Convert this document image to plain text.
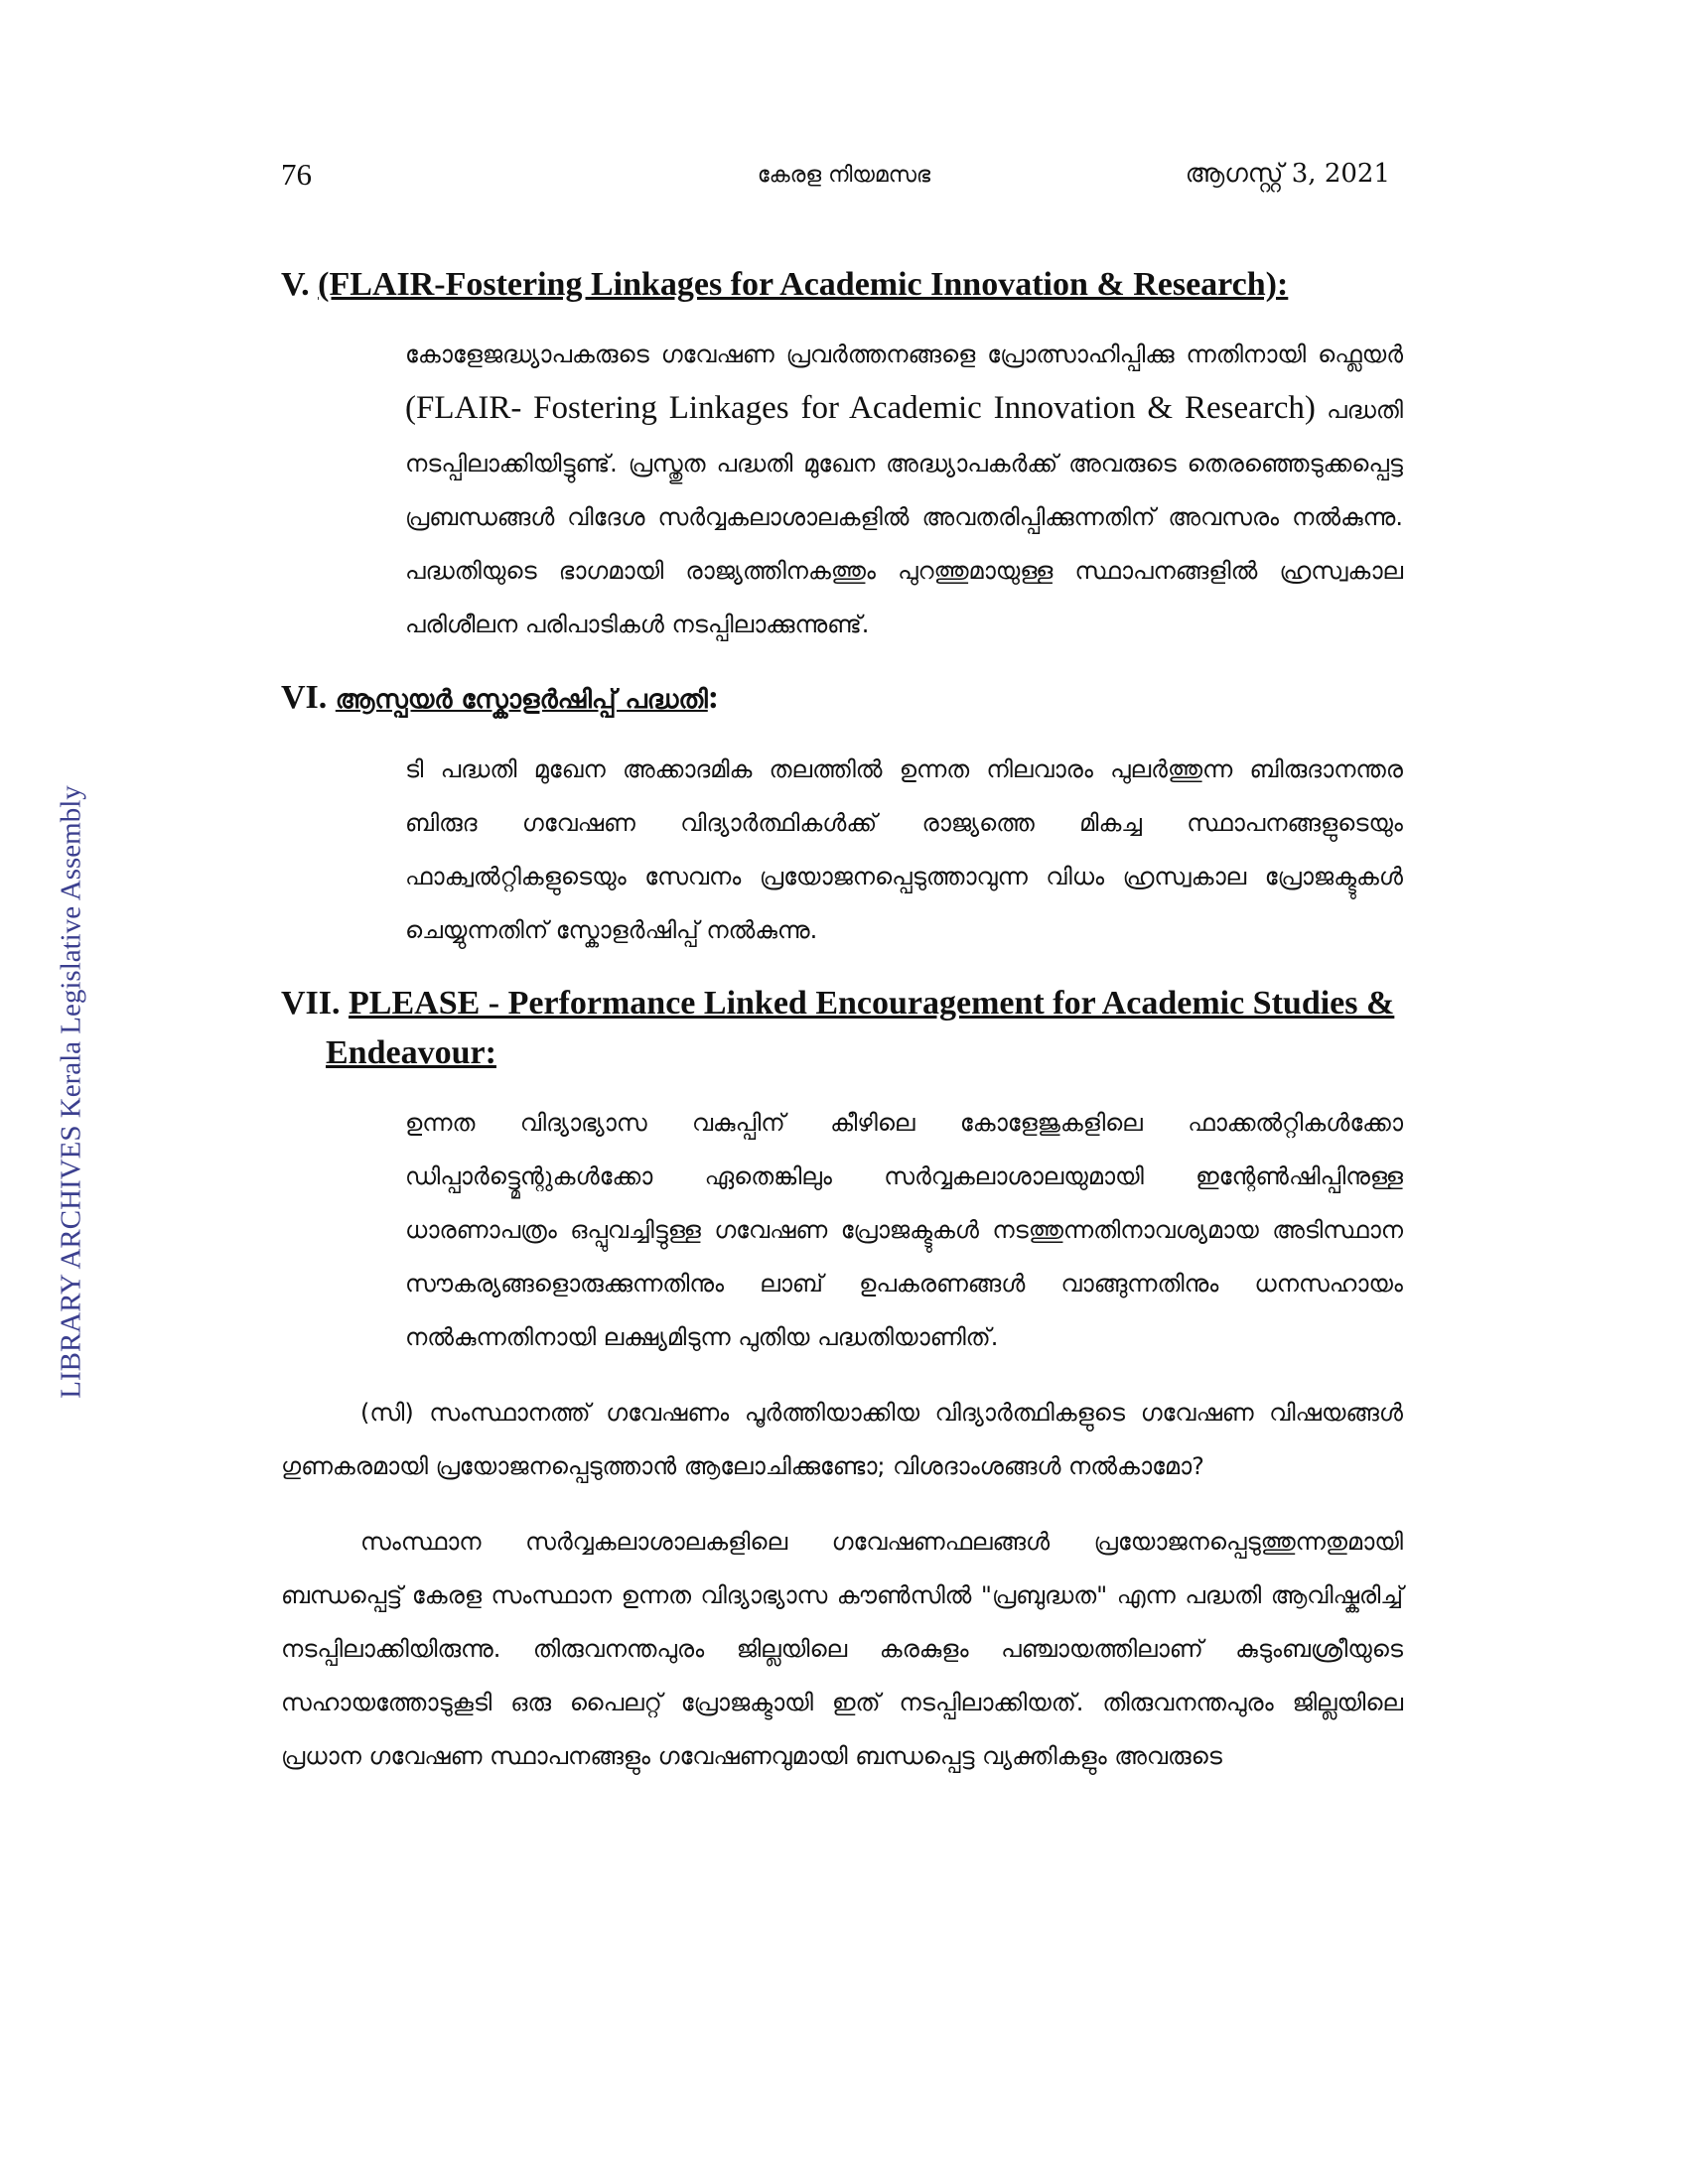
LIBRARY ARCHIVES Kerala Legislative Assembly
76	കേരള നിയമസഭ	ആഗസ്റ്റ് 3, 2021
V. (FLAIR-Fostering Linkages for Academic Innovation & Research):

കോളേജദ്ധ്യാപകരുടെ ഗവേഷണ പ്രവർത്തനങ്ങളെ പ്രോത്സാഹിപ്പിക്കു ന്നതിനായി ഫ്ലെയർ (FLAIR- Fostering Linkages for Academic Innovation & Research) പദ്ധതി നടപ്പിലാക്കിയിട്ടുണ്ട്. പ്രസ്തുത പദ്ധതി മുഖേന അദ്ധ്യാപകർക്ക് അവരുടെ തെരഞ്ഞെടുക്കപ്പെട്ട പ്രബന്ധങ്ങൾ വിദേശ സർവ്വകലാശാലകളിൽ അവതരിപ്പിക്കുന്നതിന് അവസരം നൽകുന്നു. പദ്ധതിയുടെ ഭാഗമായി രാജ്യത്തിനകത്തും പുറത്തുമായുള്ള സ്ഥാപനങ്ങളിൽ ഹ്രസ്വകാല പരിശീലന പരിപാടികൾ നടപ്പിലാക്കുന്നുണ്ട്.

VI. ആസ്പയർ സ്കോളർഷിപ്പ് പദ്ധതി:

ടി പദ്ധതി മുഖേന അക്കാദമിക തലത്തിൽ ഉന്നത നിലവാരം പുലർത്തുന്ന ബിരുദാനന്തര ബിരുദ ഗവേഷണ വിദ്യാർത്ഥികൾക്ക് രാജ്യത്തെ മികച്ച സ്ഥാപനങ്ങളുടെയും ഫാക്വൽറ്റികളുടെയും സേവനം പ്രയോജനപ്പെടുത്താവുന്ന വിധം ഹ്രസ്വകാല പ്രോജക്ടുകൾ ചെയ്യുന്നതിന് സ്കോളർഷിപ്പ് നൽകുന്നു.

VII. PLEASE - Performance Linked Encouragement for Academic Studies & Endeavour:

ഉന്നത വിദ്യാഭ്യാസ വകുപ്പിന് കീഴിലെ കോളേജുകളിലെ ഫാക്കൽറ്റികൾക്കോ ഡിപ്പാർട്ട്മെന്റുകൾക്കോ ഏതെങ്കിലും സർവ്വകലാശാലയുമായി ഇന്റേൺഷിപ്പിനുള്ള ധാരണാപത്രം ഒപ്പുവച്ചിട്ടുള്ള ഗവേഷണ പ്രോജക്ടുകൾ നടത്തുന്നതിനാവശ്യമായ അടിസ്ഥാന സൗകര്യങ്ങളൊരുക്കുന്നതിനും ലാബ് ഉപകരണങ്ങൾ വാങ്ങുന്നതിനും ധനസഹായം നൽകുന്നതിനായി ലക്ഷ്യമിടുന്ന പുതിയ പദ്ധതിയാണിത്.

(സി) സംസ്ഥാനത്ത് ഗവേഷണം പൂർത്തിയാക്കിയ വിദ്യാർത്ഥികളുടെ ഗവേഷണ വിഷയങ്ങൾ ഗുണകരമായി പ്രയോജനപ്പെടുത്താൻ ആലോചിക്കുണ്ടോ; വിശദാംശങ്ങൾ നൽകാമോ?

സംസ്ഥാന സർവ്വകലാശാലകളിലെ ഗവേഷണഫലങ്ങൾ പ്രയോജനപ്പെടുത്തുന്നതുമായി ബന്ധപ്പെട്ട് കേരള സംസ്ഥാന ഉന്നത വിദ്യാഭ്യാസ കൗൺസിൽ "പ്രബുദ്ധത" എന്ന പദ്ധതി ആവിഷ്കരിച്ച് നടപ്പിലാക്കിയിരുന്നു. തിരുവനന്തപുരം ജില്ലയിലെ കരകുളം പഞ്ചായത്തിലാണ് കുടുംബശ്രീയുടെ സഹായത്തോടുകൂടി ഒരു പൈലറ്റ് പ്രോജക്ടായി ഇത് നടപ്പിലാക്കിയത്. തിരുവനന്തപുരം ജില്ലയിലെ പ്രധാന ഗവേഷണ സ്ഥാപനങ്ങളും ഗവേഷണവുമായി ബന്ധപ്പെട്ട വ്യക്തികളും അവരുടെ
